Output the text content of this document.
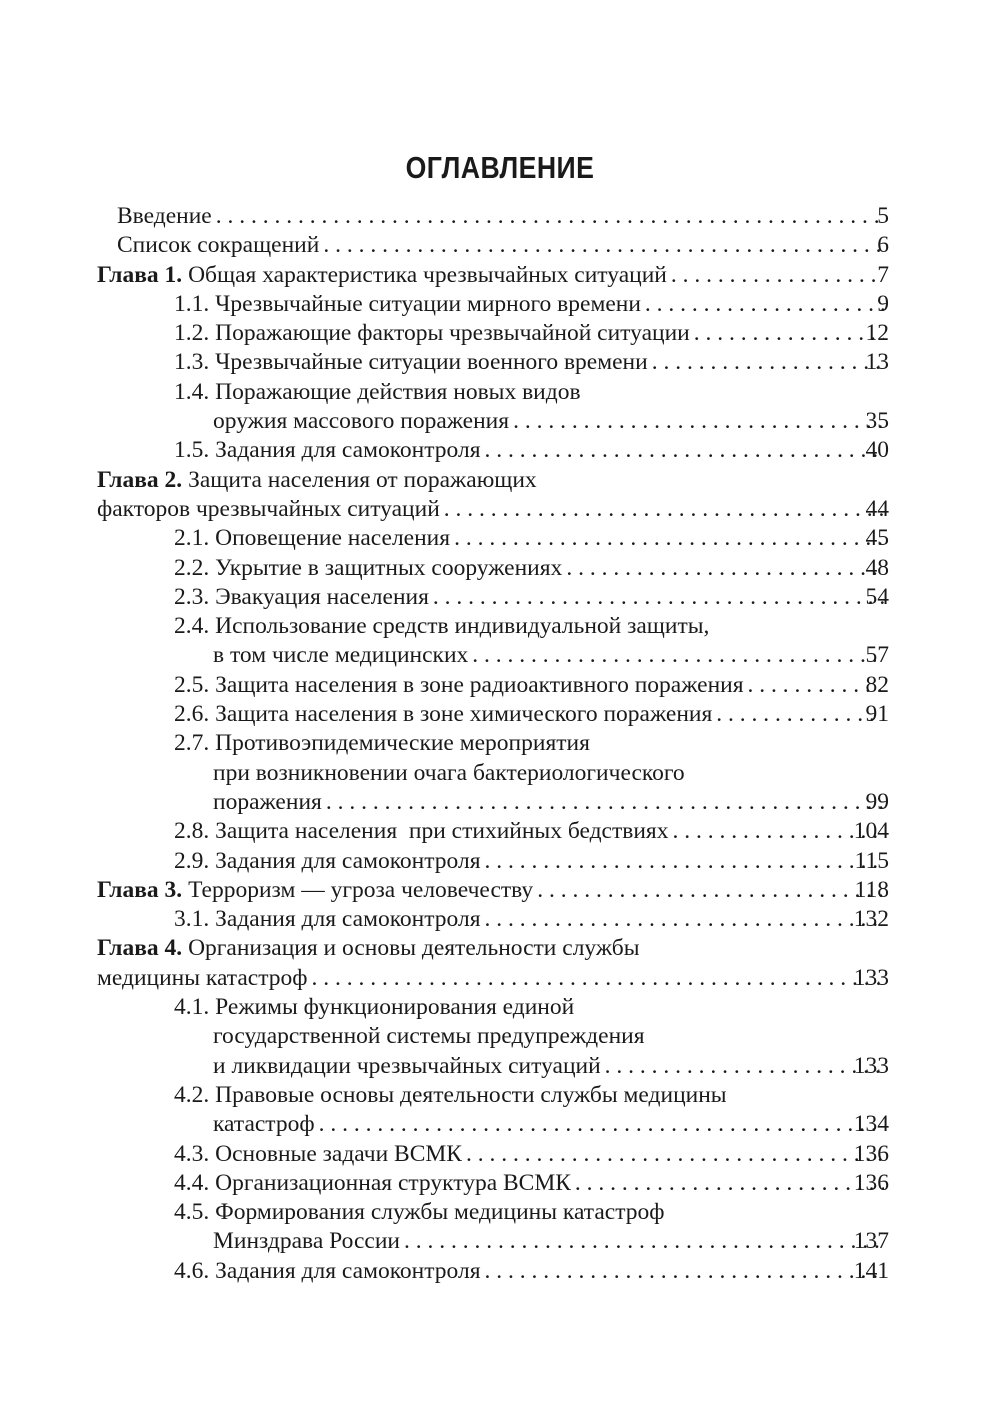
ОГЛАВЛЕНИЕ
Введение . . .	5
Список сокращений . . .	6
Глава 1. Общая характеристика чрезвычайных ситуаций . . .	7
1.1. Чрезвычайные ситуации мирного времени . . .	9
1.2. Поражающие факторы чрезвычайной ситуации . . .	12
1.3. Чрезвычайные ситуации военного времени . . .	13
1.4. Поражающие действия новых видов
оружия массового поражения . . .	35
1.5. Задания для самоконтроля . . .	40
Глава 2. Защита населения от поражающих
факторов чрезвычайных ситуаций . . .	44
2.1. Оповещение населения . . .	45
2.2. Укрытие в защитных сооружениях . . .	48
2.3. Эвакуация населения . . .	54
2.4. Использование средств индивидуальной защиты,
в том числе медицинских . . .	57
2.5. Защита населения в зоне радиоактивного поражения . . .	82
2.6. Защита населения в зоне химического поражения . . .	91
2.7. Противоэпидемические мероприятия
при возникновении очага бактериологического
поражения . . .	99
2.8. Защита населения  при стихийных бедствиях . . .	104
2.9. Задания для самоконтроля . . .	115
Глава 3. Терроризм — угроза человечеству . . .	118
3.1. Задания для самоконтроля . . .	132
Глава 4. Организация и основы деятельности службы
медицины катастроф . . .	133
4.1. Режимы функционирования единой
государственной системы предупреждения
и ликвидации чрезвычайных ситуаций . . .	133
4.2. Правовые основы деятельности службы медицины
катастроф . . .	134
4.3. Основные задачи ВСМК . . .	136
4.4. Организационная структура ВСМК . . .	136
4.5. Формирования службы медицины катастроф
Минздрава России . . .	137
4.6. Задания для самоконтроля . . .	141
